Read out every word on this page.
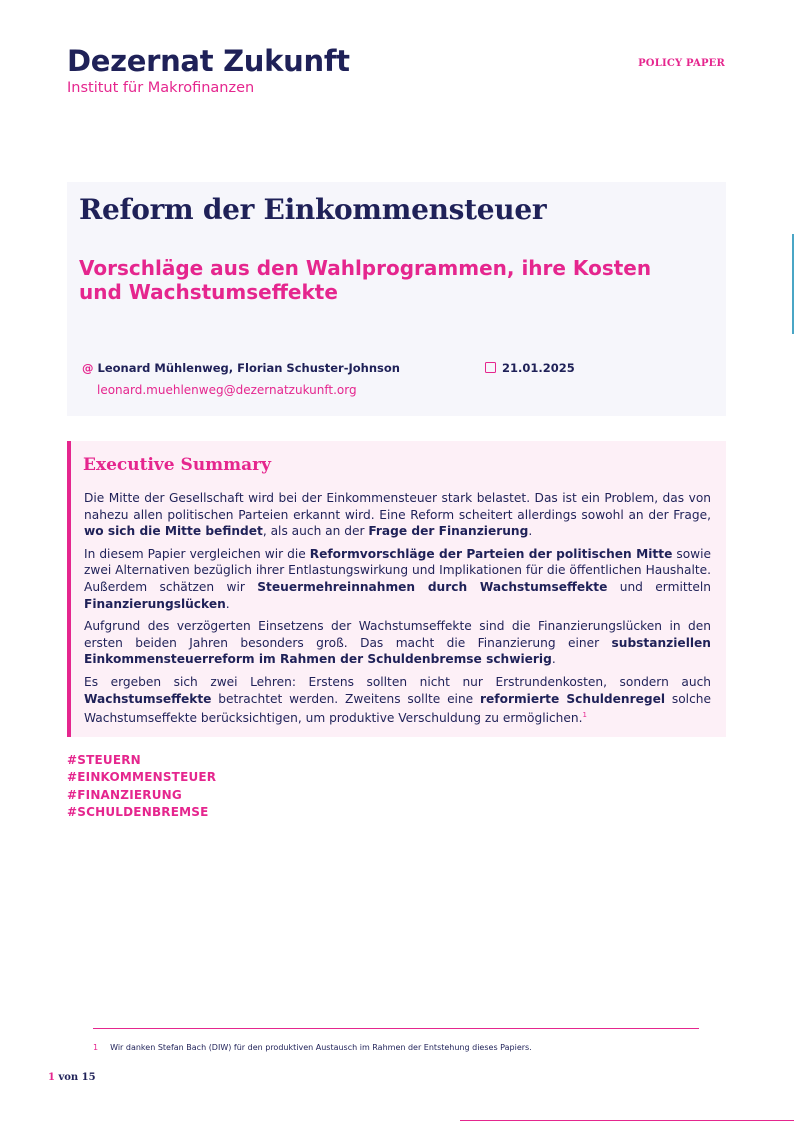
Dezernat Zukunft
Institut für Makrofinanzen
POLICY PAPER
Reform der Einkommensteuer
Vorschläge aus den Wahlprogrammen, ihre Kosten und Wachstumseffekte
@ Leonard Mühlenweg, Florian Schuster-Johnson
leonard.muehlenweg@dezernatzukunft.org
21.01.2025
Executive Summary

Die Mitte der Gesellschaft wird bei der Einkommensteuer stark belastet. Das ist ein Problem, das von nahezu allen politischen Parteien erkannt wird. Eine Reform scheitert allerdings sowohl an der Frage, wo sich die Mitte befindet, als auch an der Frage der Finanzierung.

In diesem Papier vergleichen wir die Reformvorschläge der Parteien der politischen Mitte sowie zwei Alternativen bezüglich ihrer Entlastungswirkung und Implikationen für die öffentlichen Haushalte. Außerdem schätzen wir Steuermehreinnahmen durch Wachstumseffekte und ermitteln Finanzierungslücken.

Aufgrund des verzögerten Einsetzens der Wachstumseffekte sind die Finanzierungslücken in den ersten beiden Jahren besonders groß. Das macht die Finanzierung einer substanziellen Einkommensteuerreform im Rahmen der Schuldenbremse schwierig.

Es ergeben sich zwei Lehren: Erstens sollten nicht nur Erstrundenkosten, sondern auch Wachstumseffekte betrachtet werden. Zweitens sollte eine reformierte Schuldenregel solche Wachstumseffekte berücksichtigen, um produktive Verschuldung zu ermöglichen.$^1$

#STEUERN
#EINKOMMENSTEUER
#FINANZIERUNG
#SCHULDENBREMSE
1 Wir danken Stefan Bach (DIW) für den produktiven Austausch im Rahmen der Entstehung dieses Papiers.
1 von 15
